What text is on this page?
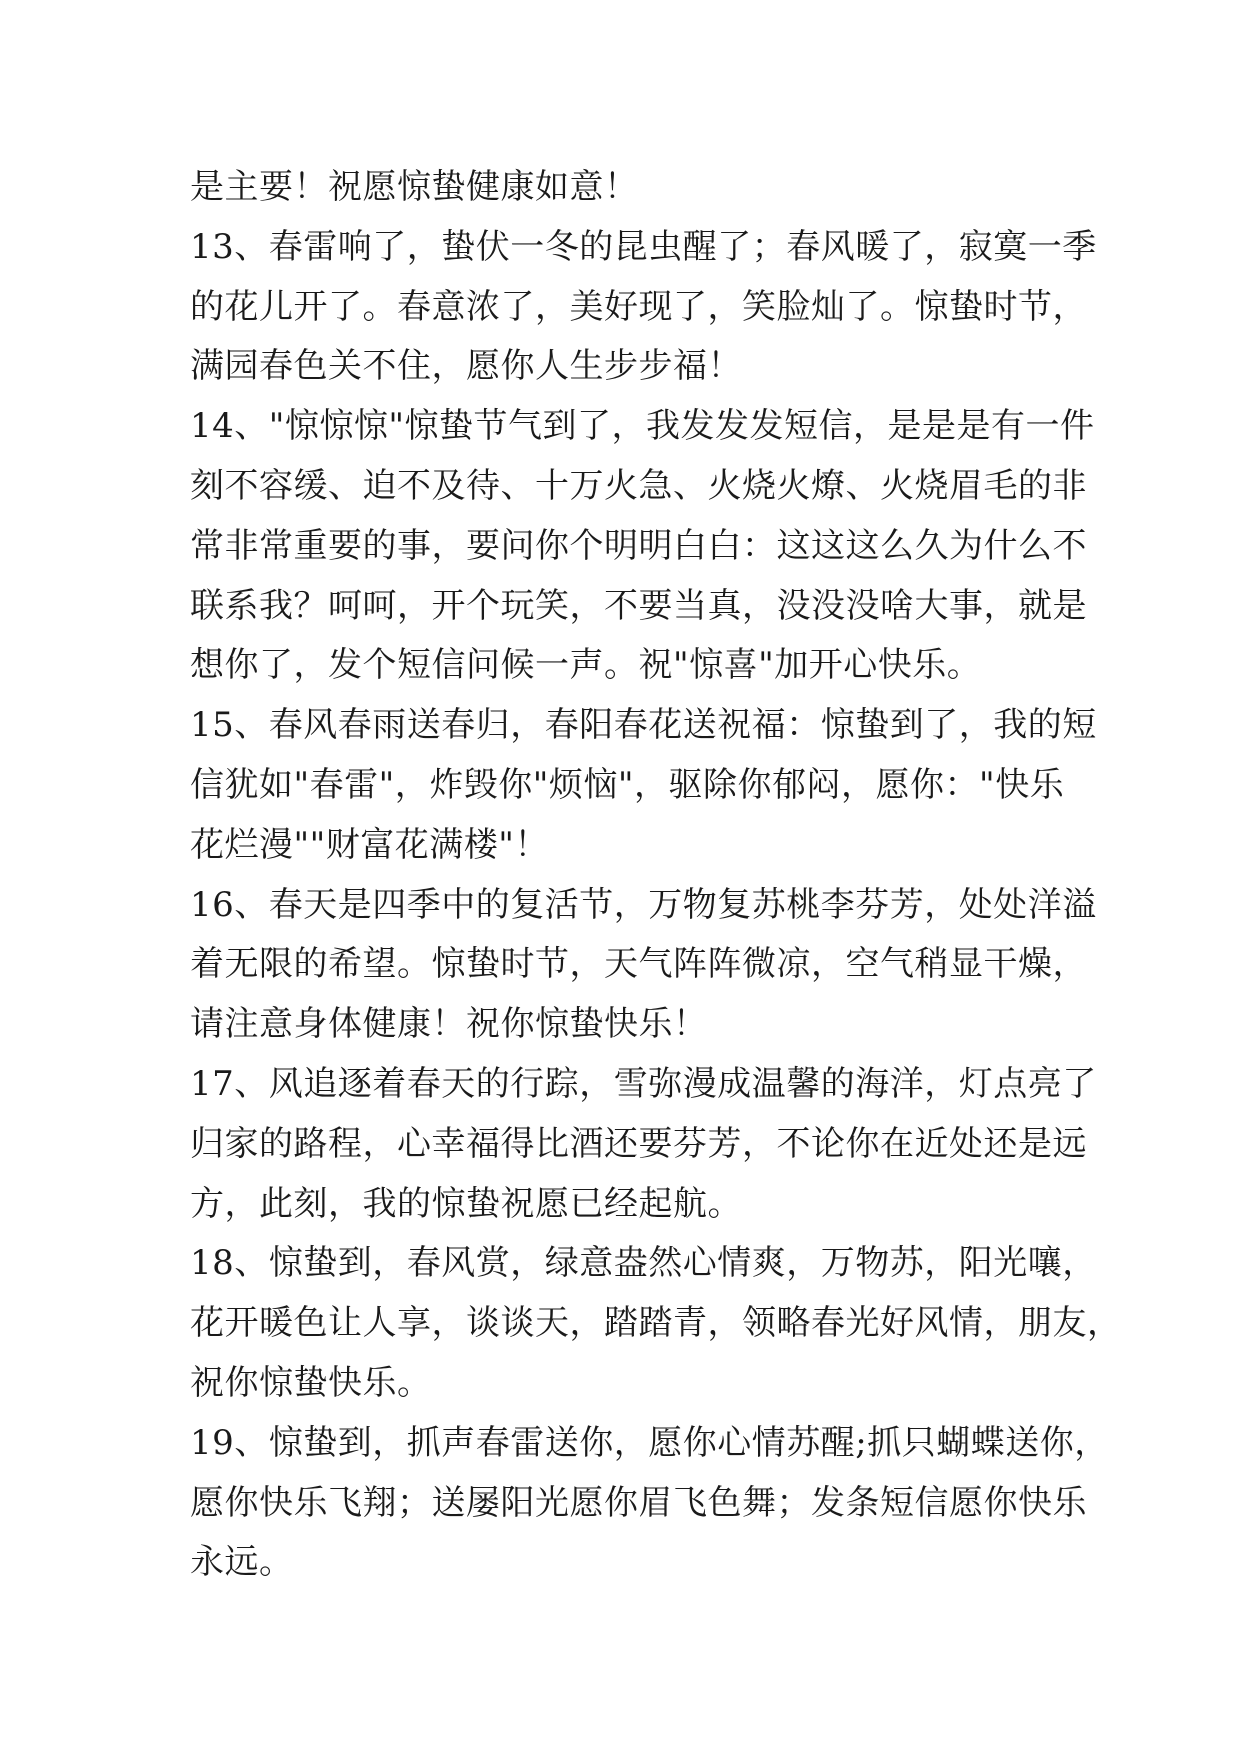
是主要！祝愿惊蛰健康如意！
13、春雷响了，蛰伏一冬的昆虫醒了；春风暖了，寂寞一季
的花儿开了。春意浓了，美好现了，笑脸灿了。惊蛰时节，
满园春色关不住，愿你人生步步福！
14、"惊惊惊"惊蛰节气到了，我发发发短信，是是是有一件
刻不容缓、迫不及待、十万火急、火烧火燎、火烧眉毛的非
常非常重要的事，要问你个明明白白：这这这么久为什么不
联系我？呵呵，开个玩笑，不要当真，没没没啥大事，就是
想你了，发个短信问候一声。祝"惊喜"加开心快乐。
15、春风春雨送春归，春阳春花送祝福：惊蛰到了，我的短
信犹如"春雷"，炸毁你"烦恼"，驱除你郁闷，愿你："快乐
花烂漫""财富花满楼"！
16、春天是四季中的复活节，万物复苏桃李芬芳，处处洋溢
着无限的希望。惊蛰时节，天气阵阵微凉，空气稍显干燥，
请注意身体健康！祝你惊蛰快乐！
17、风追逐着春天的行踪，雪弥漫成温馨的海洋，灯点亮了
归家的路程，心幸福得比酒还要芬芳，不论你在近处还是远
方，此刻，我的惊蛰祝愿已经起航。
18、惊蛰到，春风赏，绿意盎然心情爽，万物苏，阳光嚷，
花开暖色让人享，谈谈天，踏踏青，领略春光好风情，朋友，
祝你惊蛰快乐。
19、惊蛰到，抓声春雷送你，愿你心情苏醒;抓只蝴蝶送你，
愿你快乐飞翔；送屡阳光愿你眉飞色舞；发条短信愿你快乐
永远。
